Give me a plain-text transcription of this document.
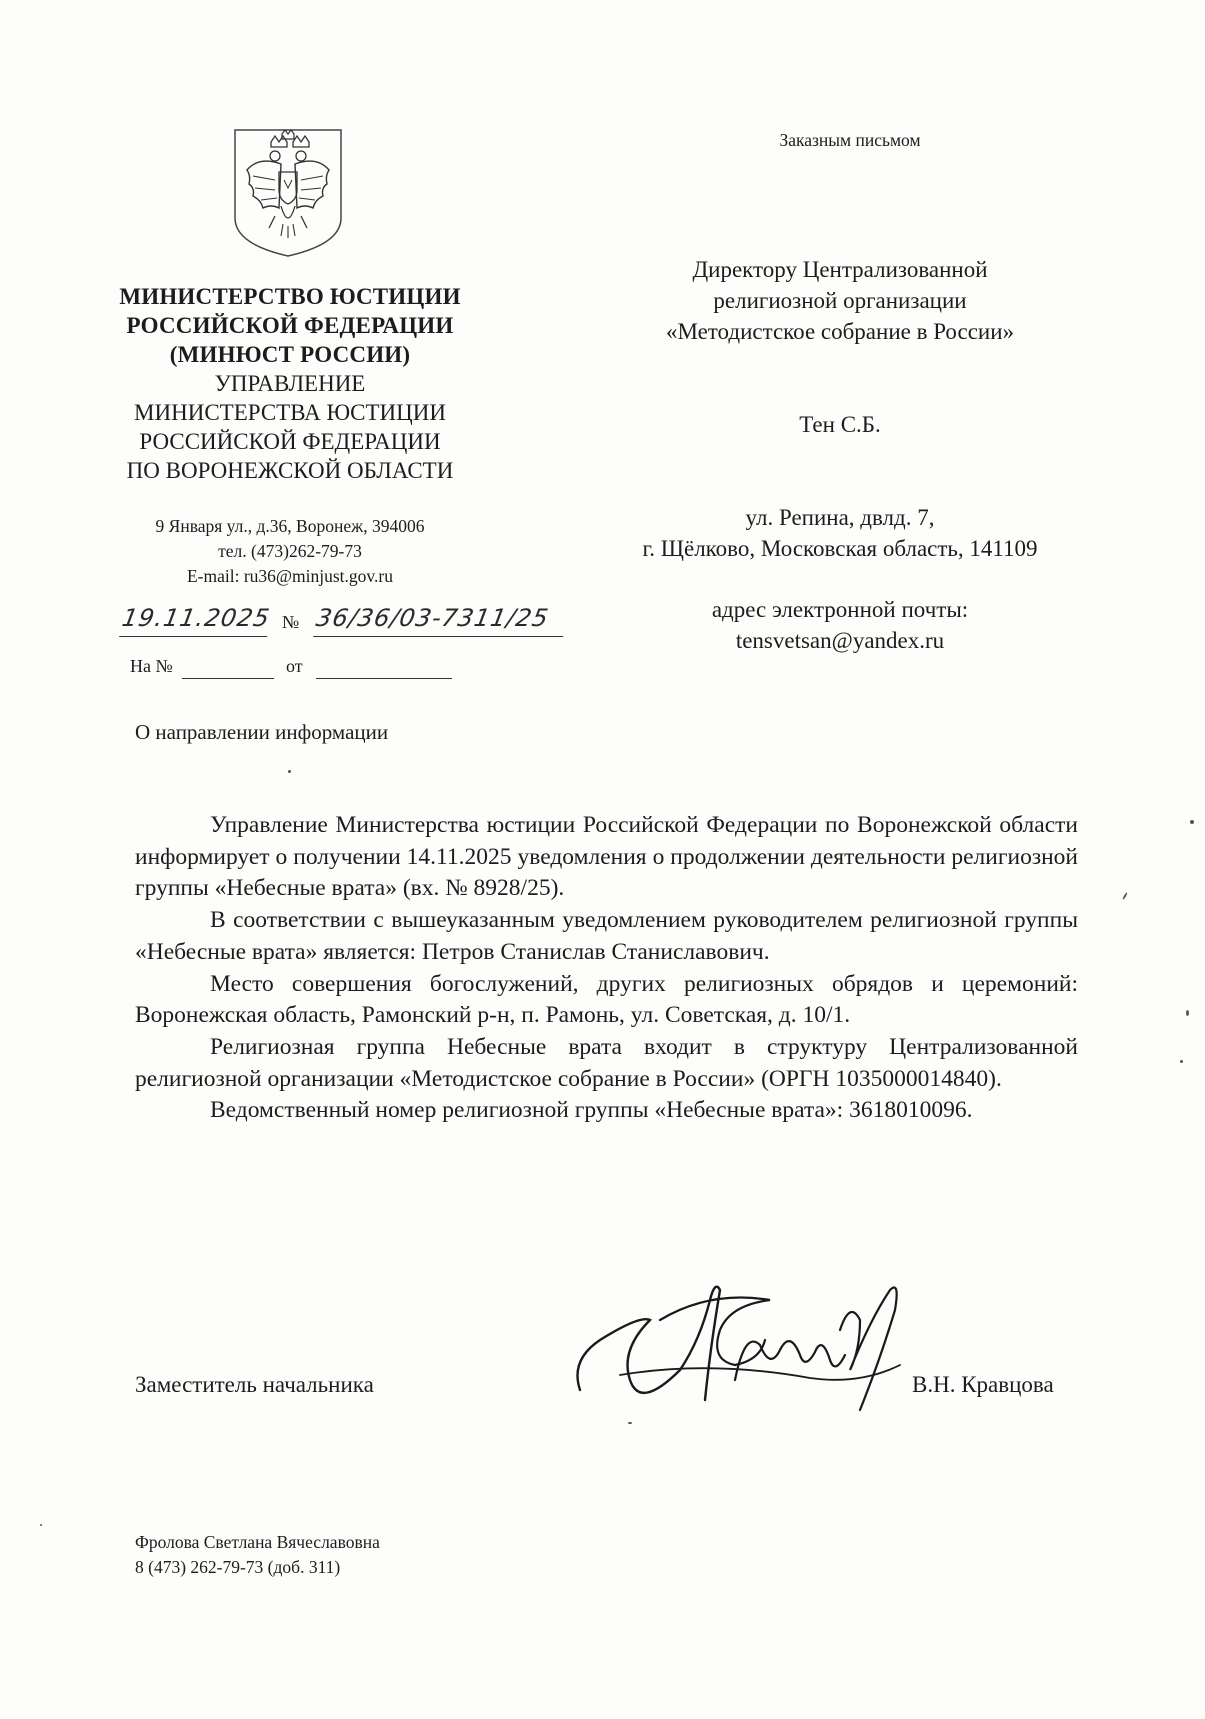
МИНИСТЕРСТВО ЮСТИЦИИ
РОССИЙСКОЙ ФЕДЕРАЦИИ
(МИНЮСТ РОССИИ)
УПРАВЛЕНИЕ
МИНИСТЕРСТВА ЮСТИЦИИ
РОССИЙСКОЙ ФЕДЕРАЦИИ
ПО ВОРОНЕЖСКОЙ ОБЛАСТИ
9 Января ул., д.36, Воронеж, 394006
тел. (473)262-79-73
E-mail: ru36@minjust.gov.ru
19.11.2025 № 36/36/03-7311/25
На №	от
О направлении информации
Заказным письмом
Директору Централизованной
религиозной организации
«Методистское собрание в России»
Тен С.Б.
ул. Репина, двлд. 7,
г. Щёлково, Московская область, 141109
адрес электронной почты:
tensvetsan@yandex.ru

Управление Министерства юстиции Российской Федерации по Воронежской области информирует о получении 14.11.2025 уведомления о продолжении деятельности религиозной группы «Небесные врата» (вх. № 8928/25).

В соответствии с вышеуказанным уведомлением руководителем религиозной группы «Небесные врата» является: Петров Станислав Станиславович.

Место совершения богослужений, других религиозных обрядов и церемоний: Воронежская область, Рамонский р-н, п. Рамонь, ул. Советская, д. 10/1.

Религиозная группа Небесные врата входит в структуру Централизованной религиозной организации «Методистское собрание в России» (ОРГН 1035000014840).

Ведомственный номер религиозной группы «Небесные врата»: 3618010096.

Заместитель начальника	В.Н. Кравцова
Фролова Светлана Вячеславовна
8 (473) 262-79-73 (доб. 311)
